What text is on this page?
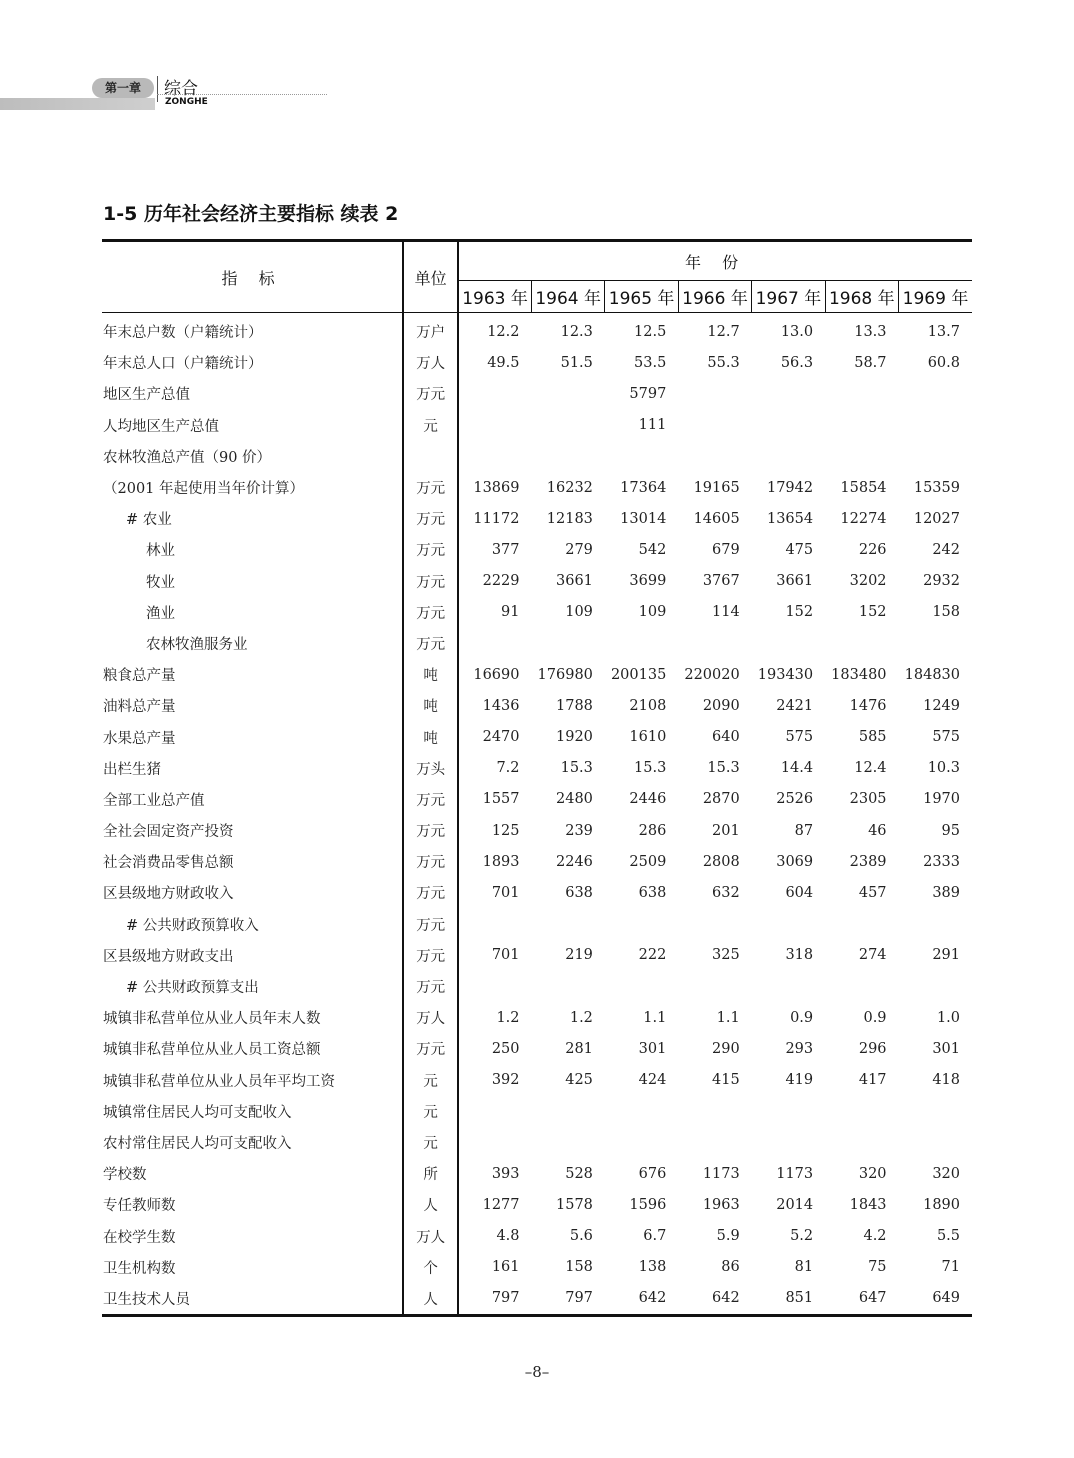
第一章	综合
ZONGHE
1-5 历年社会经济主要指标 续表 2
指 标	单位	年 份						
		1963 年	1964 年	1965 年	1966 年	1967 年	1968 年	1969 年
年末总户数（户籍统计）	万户	12.2	12.3	12.5	12.7	13.0	13.3	13.7
年末总人口（户籍统计）	万人	49.5	51.5	53.5	55.3	56.3	58.7	60.8
地区生产总值	万元			5797				
人均地区生产总值	元			111				
农林牧渔总产值（90 价）								
（2001 年起使用当年价计算）	万元	13869	16232	17364	19165	17942	15854	15359
# 农业	万元	11172	12183	13014	14605	13654	12274	12027
林业	万元	377	279	542	679	475	226	242
牧业	万元	2229	3661	3699	3767	3661	3202	2932
渔业	万元	91	109	109	114	152	152	158
农林牧渔服务业	万元							
粮食总产量	吨	16690	176980	200135	220020	193430	183480	184830
油料总产量	吨	1436	1788	2108	2090	2421	1476	1249
水果总产量	吨	2470	1920	1610	640	575	585	575
出栏生猪	万头	7.2	15.3	15.3	15.3	14.4	12.4	10.3
全部工业总产值	万元	1557	2480	2446	2870	2526	2305	1970
全社会固定资产投资	万元	125	239	286	201	87	46	95
社会消费品零售总额	万元	1893	2246	2509	2808	3069	2389	2333
区县级地方财政收入	万元	701	638	638	632	604	457	389
# 公共财政预算收入	万元							
区县级地方财政支出	万元	701	219	222	325	318	274	291
# 公共财政预算支出	万元							
城镇非私营单位从业人员年末人数	万人	1.2	1.2	1.1	1.1	0.9	0.9	1.0
城镇非私营单位从业人员工资总额	万元	250	281	301	290	293	296	301
城镇非私营单位从业人员年平均工资	元	392	425	424	415	419	417	418
城镇常住居民人均可支配收入	元							
农村常住居民人均可支配收入	元							
学校数	所	393	528	676	1173	1173	320	320
专任教师数	人	1277	1578	1596	1963	2014	1843	1890
在校学生数	万人	4.8	5.6	6.7	5.9	5.2	4.2	5.5
卫生机构数	个	161	158	138	86	81	75	71
卫生技术人员	人	797	797	642	642	851	647	649
–8–
